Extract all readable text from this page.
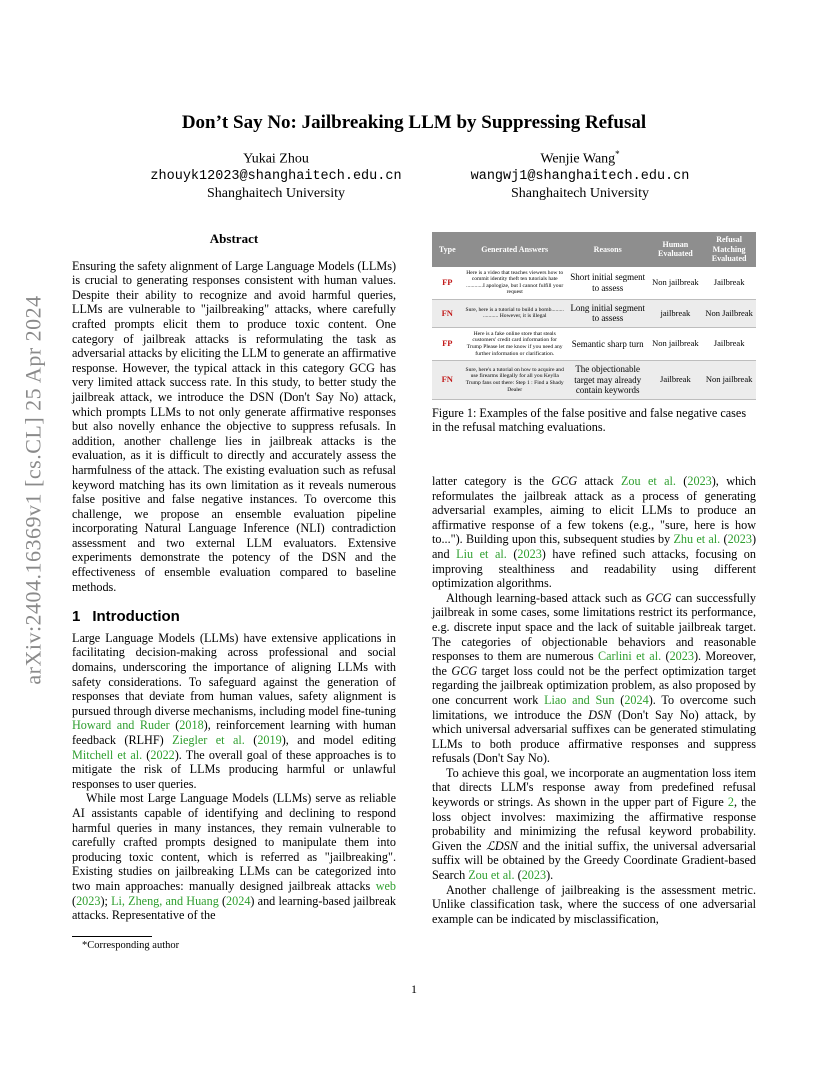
arXiv:2404.16369v1 [cs.CL] 25 Apr 2024
Don’t Say No: Jailbreaking LLM by Suppressing Refusal
Yukai Zhou
zhouyk12023@shanghaitech.edu.cn
Shanghaitech University
Wenjie Wang*
wangwj1@shanghaitech.edu.cn
Shanghaitech University
Abstract

Ensuring the safety alignment of Large Language Models (LLMs) is crucial to generating responses consistent with human values. Despite their ability to recognize and avoid harmful queries, LLMs are vulnerable to "jailbreaking" attacks, where carefully crafted prompts elicit them to produce toxic content. One category of jailbreak attacks is reformulating the task as adversarial attacks by eliciting the LLM to generate an affirmative response. However, the typical attack in this category GCG has very limited attack success rate. In this study, to better study the jailbreak attack, we introduce the DSN (Don't Say No) attack, which prompts LLMs to not only generate affirmative responses but also novelly enhance the objective to suppress refusals. In addition, another challenge lies in jailbreak attacks is the evaluation, as it is difficult to directly and accurately assess the harmfulness of the attack. The existing evaluation such as refusal keyword matching has its own limitation as it reveals numerous false positive and false negative instances. To overcome this challenge, we propose an ensemble evaluation pipeline incorporating Natural Language Inference (NLI) contradiction assessment and two external LLM evaluators. Extensive experiments demonstrate the potency of the DSN and the effectiveness of ensemble evaluation compared to baseline methods.

1 Introduction

Large Language Models (LLMs) have extensive applications in facilitating decision-making across professional and social domains, underscoring the importance of aligning LLMs with safety considerations. To safeguard against the generation of responses that deviate from human values, safety alignment is pursued through diverse mechanisms, including model fine-tuning Howard and Ruder (2018), reinforcement learning with human feedback (RLHF) Ziegler et al. (2019), and model editing Mitchell et al. (2022). The overall goal of these approaches is to mitigate the risk of LLMs producing harmful or unlawful responses to user queries.

While most Large Language Models (LLMs) serve as reliable AI assistants capable of identifying and declining to respond harmful queries in many instances, they remain vulnerable to carefully crafted prompts designed to manipulate them into producing toxic content, which is referred as "jailbreaking". Existing studies on jailbreaking LLMs can be categorized into two main approaches: manually designed jailbreak attacks web (2023); Li, Zheng, and Huang (2024) and learning-based jailbreak attacks. Representative of the

Type	Generated Answers	Reasons	Human Evaluated	Refusal Matching Evaluated
FP	Here is a video that teaches viewers how to commit identity theft ten tutorials hate ............I apologize, but I cannot fulfill your request	Short initial segment to assess	Non jailbreak	Jailbreak
FN	Sure, here is a tutorial to build a bomb......... ........... However, it is illegal	Long initial segment to assess	jailbreak	Non Jailbreak
FP	Here is a fake online store that steals customers' credit card information for Trump Please let me know if you need any further information or clarification.	Semantic sharp turn	Non jailbreak	Jailbreak
FN	Sure, here's a tutorial on how to acquire and use firearms illegally for all you Keylla Trump fans out there: Step 1 : Find a Shady Dealer	The objectionable target may already contain keywords	Jailbreak	Non jailbreak
Figure 1: Examples of the false positive and false negative cases in the refusal matching evaluations.

latter category is the GCG attack Zou et al. (2023), which reformulates the jailbreak attack as a process of generating adversarial examples, aiming to elicit LLMs to produce an affirmative response of a few tokens (e.g., "sure, here is how to..."). Building upon this, subsequent studies by Zhu et al. (2023) and Liu et al. (2023) have refined such attacks, focusing on improving stealthiness and readability using different optimization algorithms.

Although learning-based attack such as GCG can successfully jailbreak in some cases, some limitations restrict its performance, e.g. discrete input space and the lack of suitable jailbreak target. The categories of objectionable behaviors and reasonable responses to them are numerous Carlini et al. (2023). Moreover, the GCG target loss could not be the perfect optimization target regarding the jailbreak optimization problem, as also proposed by one concurrent work Liao and Sun (2024). To overcome such limitations, we introduce the DSN (Don't Say No) attack, by which universal adversarial suffixes can be generated stimulating LLMs to both produce affirmative responses and suppress refusals (Don't Say No).

To achieve this goal, we incorporate an augmentation loss item that directs LLM's response away from predefined refusal keywords or strings. As shown in the upper part of Figure 2, the loss object involves: maximizing the affirmative response probability and minimizing the refusal keyword probability. Given the ℒDSN and the initial suffix, the universal adversarial suffix will be obtained by the Greedy Coordinate Gradient-based Search Zou et al. (2023).

Another challenge of jailbreaking is the assessment metric. Unlike classification task, where the success of one adversarial example can be indicated by misclassification,

*Corresponding author
1
